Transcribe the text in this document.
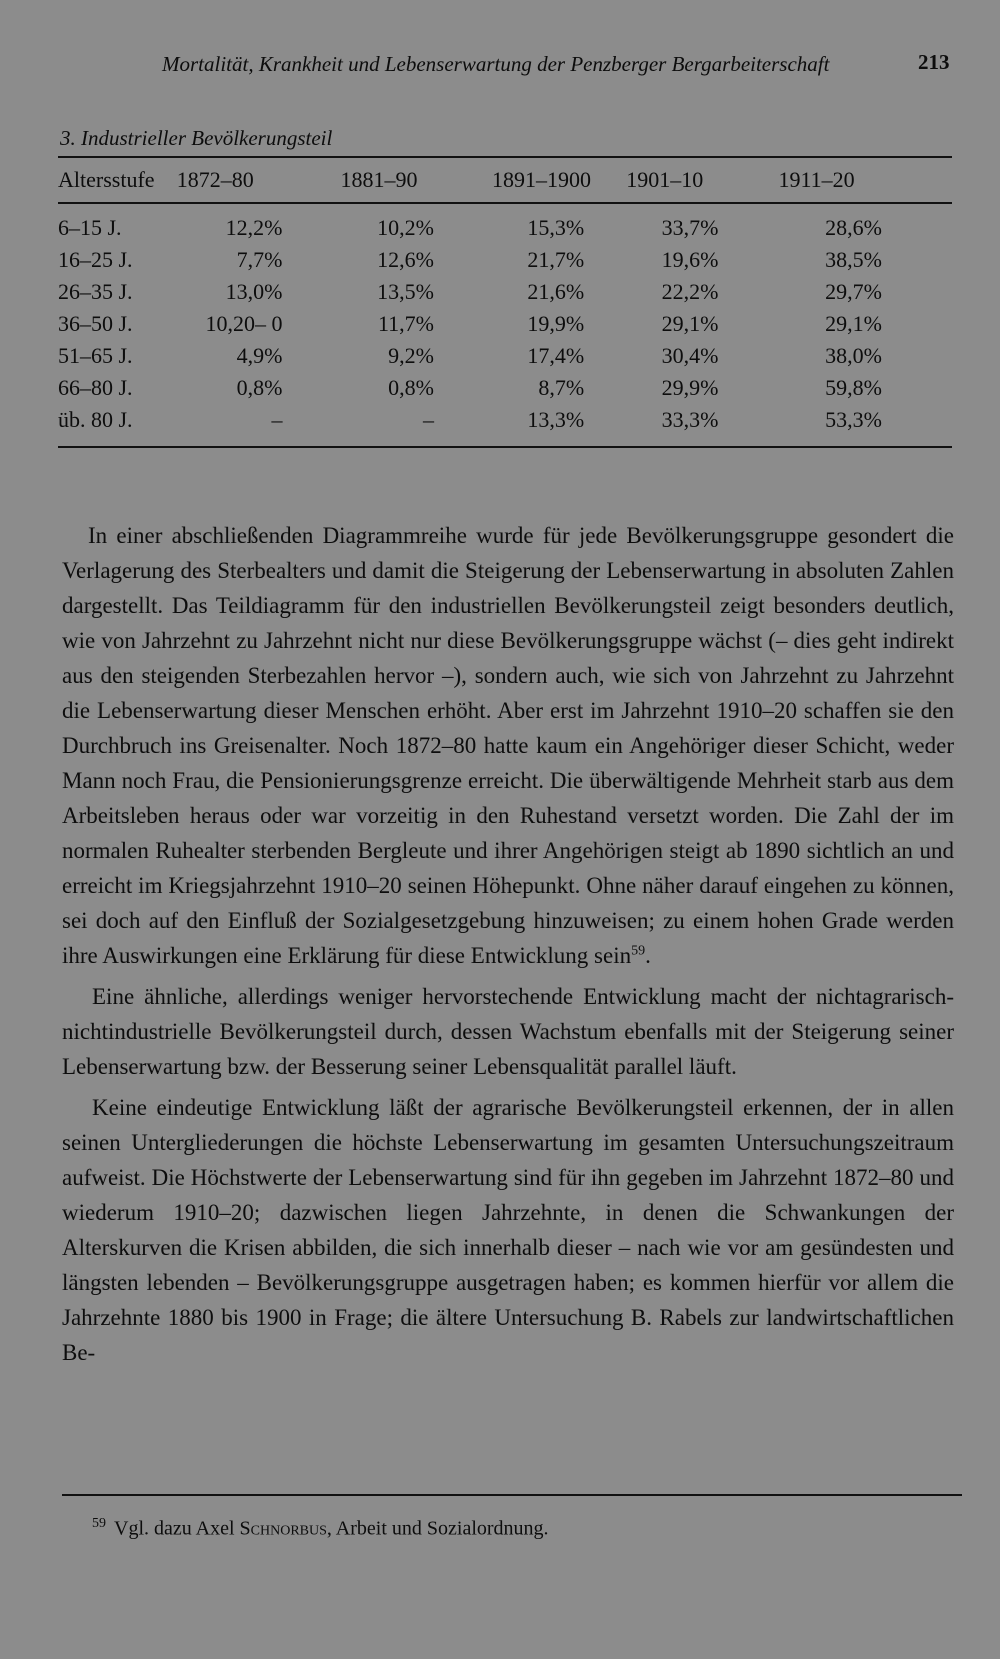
Mortalität, Krankheit und Lebenserwartung der Penzberger Bergarbeiterschaft	213
3. Industrieller Bevölkerungsteil
Altersstufe	1872–80	1881–90	1891–1900	1901–10	1911–20
6–15 J.	12,2%	10,2%	15,3%	33,7%	28,6%
16–25 J.	7,7%	12,6%	21,7%	19,6%	38,5%
26–35 J.	13,0%	13,5%	21,6%	22,2%	29,7%
36–50 J.	10,20– 0	11,7%	19,9%	29,1%	29,1%
51–65 J.	4,9%	9,2%	17,4%	30,4%	38,0%
66–80 J.	0,8%	0,8%	8,7%	29,9%	59,8%
üb. 80 J.	–	–	13,3%	33,3%	53,3%

In einer abschließenden Diagrammreihe wurde für jede Bevölkerungsgruppe gesondert die Verlagerung des Sterbealters und damit die Steigerung der Lebenserwartung in absoluten Zahlen dargestellt. Das Teildiagramm für den industriellen Bevölkerungsteil zeigt besonders deutlich, wie von Jahrzehnt zu Jahrzehnt nicht nur diese Bevölkerungsgruppe wächst (– dies geht indirekt aus den steigenden Sterbezahlen hervor –), sondern auch, wie sich von Jahrzehnt zu Jahrzehnt die Lebenserwartung dieser Menschen erhöht. Aber erst im Jahrzehnt 1910–20 schaffen sie den Durchbruch ins Greisenalter. Noch 1872–80 hatte kaum ein Angehöriger dieser Schicht, weder Mann noch Frau, die Pensionierungsgrenze erreicht. Die überwältigende Mehrheit starb aus dem Arbeitsleben heraus oder war vorzeitig in den Ruhestand versetzt worden. Die Zahl der im normalen Ruhealter sterbenden Bergleute und ihrer Angehörigen steigt ab 1890 sichtlich an und erreicht im Kriegsjahrzehnt 1910–20 seinen Höhepunkt. Ohne näher darauf eingehen zu können, sei doch auf den Einfluß der Sozialgesetzgebung hinzuweisen; zu einem hohen Grade werden ihre Auswirkungen eine Erklärung für diese Entwicklung sein$^{59}$.

Eine ähnliche, allerdings weniger hervorstechende Entwicklung macht der nichtagrarisch-nichtindustrielle Bevölkerungsteil durch, dessen Wachstum ebenfalls mit der Steigerung seiner Lebenserwartung bzw. der Besserung seiner Lebensqualität parallel läuft.

Keine eindeutige Entwicklung läßt der agrarische Bevölkerungsteil erkennen, der in allen seinen Untergliederungen die höchste Lebenserwartung im gesamten Untersuchungszeitraum aufweist. Die Höchstwerte der Lebenserwartung sind für ihn gegeben im Jahrzehnt 1872–80 und wiederum 1910–20; dazwischen liegen Jahrzehnte, in denen die Schwankungen der Alterskurven die Krisen abbilden, die sich innerhalb dieser – nach wie vor am gesündesten und längsten lebenden – Bevölkerungsgruppe ausgetragen haben; es kommen hierfür vor allem die Jahrzehnte 1880 bis 1900 in Frage; die ältere Untersuchung B. Rabels zur landwirtschaftlichen Be-

$^{59}$ Vgl. dazu Axel Schnorbus, Arbeit und Sozialordnung.
